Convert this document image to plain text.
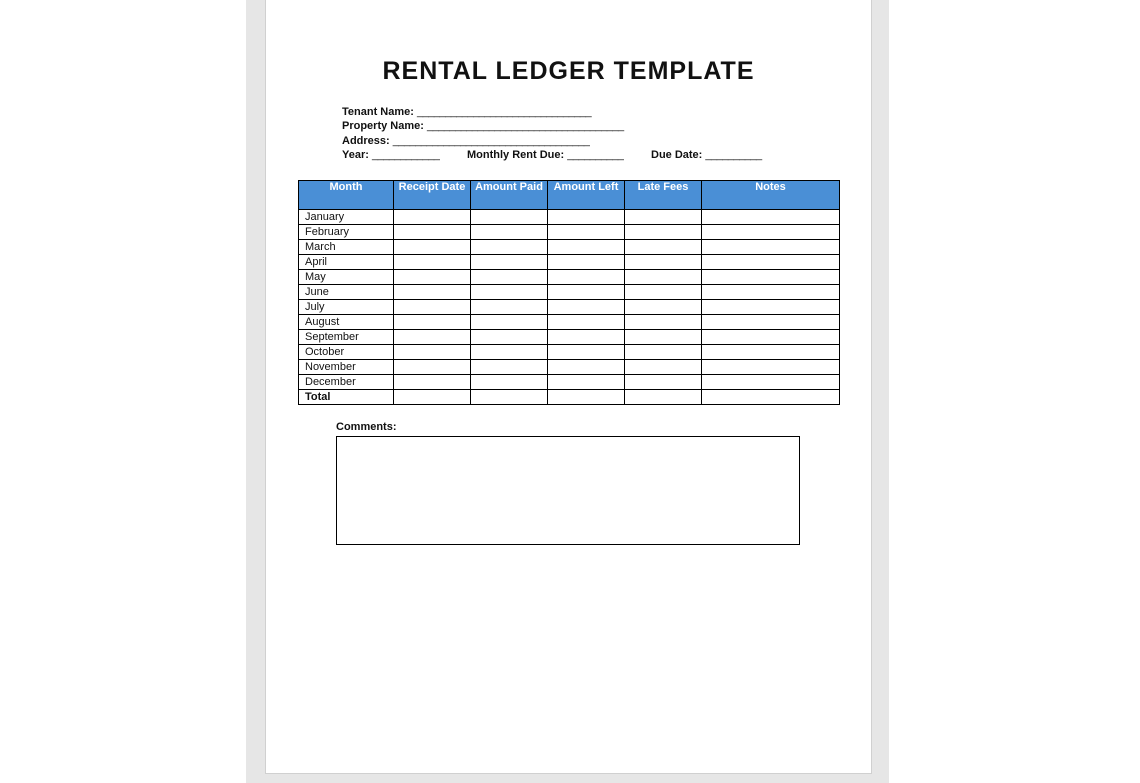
RENTAL LEDGER TEMPLATE
Tenant Name: _______________________________
Property Name: ___________________________________
Address: ___________________________________
Year: ____________	Monthly Rent Due: __________	Due Date: __________
Month	Receipt Date	Amount Paid	Amount Left	Late Fees	Notes
January					
February					
March					
April					
May					
June					
July					
August					
September					
October					
November					
December					
Total					
Comments:
